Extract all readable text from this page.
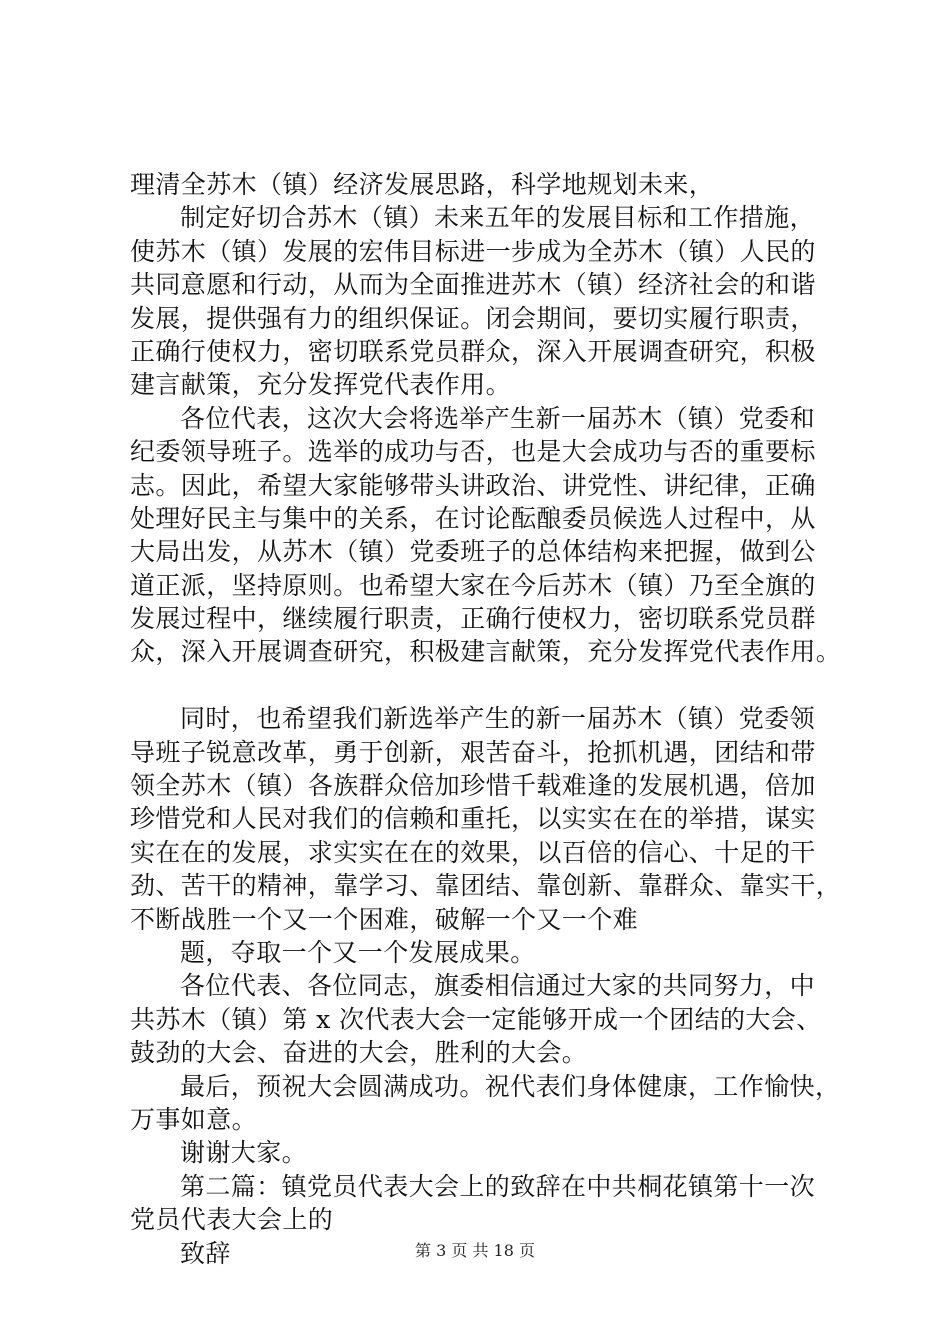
理清全苏木（镇）经济发展思路，科学地规划未来，
制定好切合苏木（镇）未来五年的发展目标和工作措施，
使苏木（镇）发展的宏伟目标进一步成为全苏木（镇）人民的
共同意愿和行动，从而为全面推进苏木（镇）经济社会的和谐
发展，提供强有力的组织保证。闭会期间，要切实履行职责，
正确行使权力，密切联系党员群众，深入开展调查研究，积极
建言献策，充分发挥党代表作用。
各位代表，这次大会将选举产生新一届苏木（镇）党委和
纪委领导班子。选举的成功与否，也是大会成功与否的重要标
志。因此，希望大家能够带头讲政治、讲党性、讲纪律，正确
处理好民主与集中的关系，在讨论酝酿委员候选人过程中，从
大局出发，从苏木（镇）党委班子的总体结构来把握，做到公
道正派，坚持原则。也希望大家在今后苏木（镇）乃至全旗的
发展过程中，继续履行职责，正确行使权力，密切联系党员群
众，深入开展调查研究，积极建言献策，充分发挥党代表作用。
同时，也希望我们新选举产生的新一届苏木（镇）党委领
导班子锐意改革，勇于创新，艰苦奋斗，抢抓机遇，团结和带
领全苏木（镇）各族群众倍加珍惜千载难逢的发展机遇，倍加
珍惜党和人民对我们的信赖和重托，以实实在在的举措，谋实
实在在的发展，求实实在在的效果，以百倍的信心、十足的干
劲、苦干的精神，靠学习、靠团结、靠创新、靠群众、靠实干，
不断战胜一个又一个困难，破解一个又一个难
题，夺取一个又一个发展成果。
各位代表、各位同志，旗委相信通过大家的共同努力，中
共苏木（镇）第 x 次代表大会一定能够开成一个团结的大会、
鼓劲的大会、奋进的大会，胜利的大会。
最后，预祝大会圆满成功。祝代表们身体健康，工作愉快，
万事如意。
谢谢大家。
第二篇：镇党员代表大会上的致辞在中共桐花镇第十一次
党员代表大会上的
致辞	第 3 页 共 18 页
